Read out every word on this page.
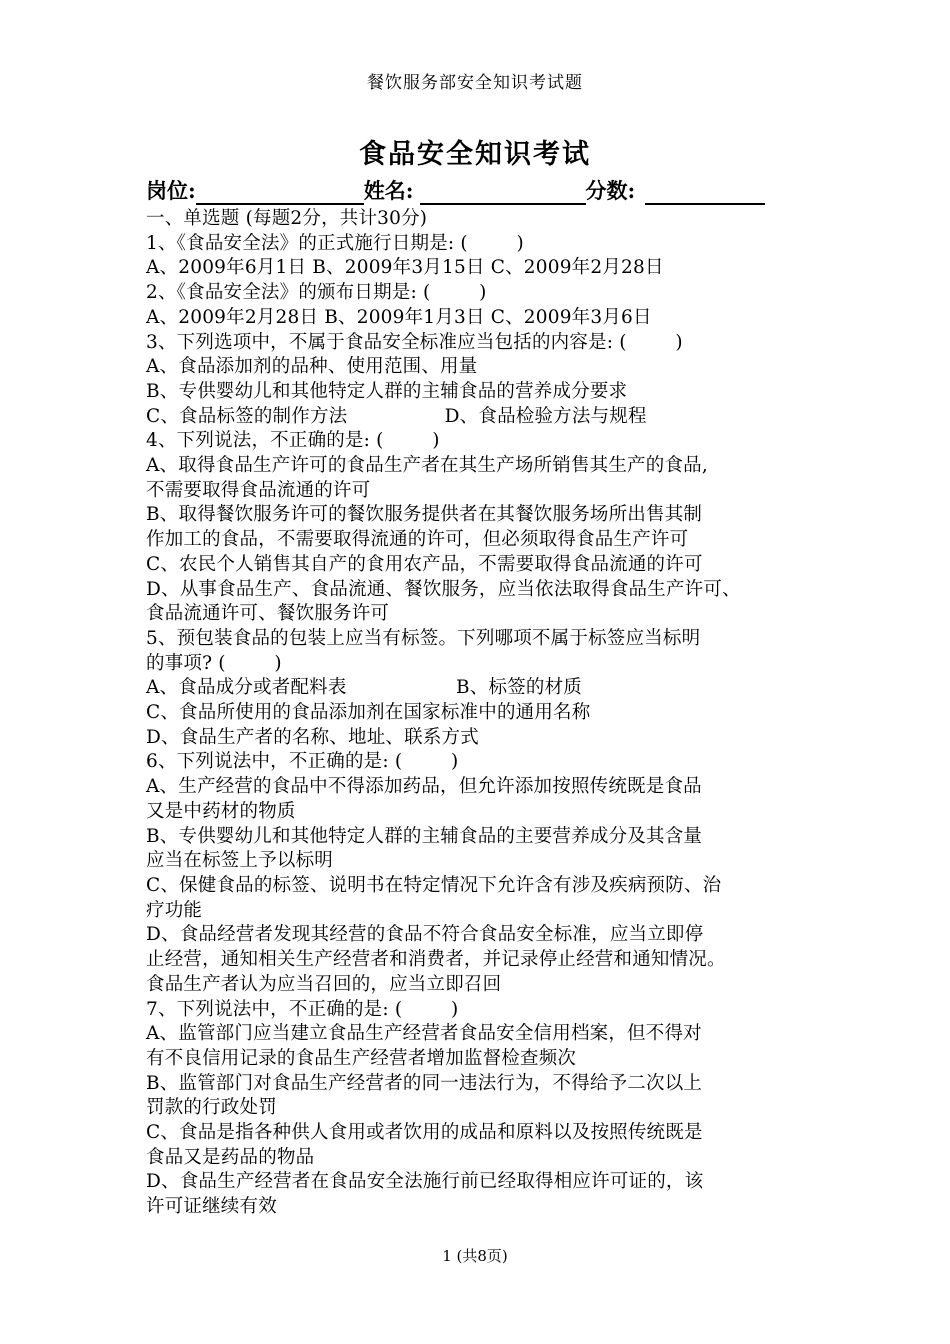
餐饮服务部安全知识考试题
食品安全知识考试
岗位:	姓名:	分数:
一、单选题 (每题2分，共计30分)
1、《食品安全法》的正式施行日期是: (        )
A、2009年6月1日 B、2009年3月15日 C、2009年2月28日
2、《食品安全法》的颁布日期是: (        )
A、2009年2月28日 B、2009年1月3日 C、2009年3月6日
3、下列选项中，不属于食品安全标准应当包括的内容是: (        )
A、食品添加剂的品种、使用范围、用量
B、专供婴幼儿和其他特定人群的主辅食品的营养成分要求
C、食品标签的制作方法                D、食品检验方法与规程
4、下列说法，不正确的是: (        )
A、取得食品生产许可的食品生产者在其生产场所销售其生产的食品,
不需要取得食品流通的许可
B、取得餐饮服务许可的餐饮服务提供者在其餐饮服务场所出售其制
作加工的食品，不需要取得流通的许可，但必须取得食品生产许可
C、农民个人销售其自产的食用农产品，不需要取得食品流通的许可
D、从事食品生产、食品流通、餐饮服务，应当依法取得食品生产许可、
食品流通许可、餐饮服务许可
5、预包装食品的包装上应当有标签。下列哪项不属于标签应当标明
的事项? (        )
A、食品成分或者配料表                  B、标签的材质
C、食品所使用的食品添加剂在国家标准中的通用名称
D、食品生产者的名称、地址、联系方式
6、下列说法中，不正确的是: (        )
A、生产经营的食品中不得添加药品，但允许添加按照传统既是食品
又是中药材的物质
B、专供婴幼儿和其他特定人群的主辅食品的主要营养成分及其含量
应当在标签上予以标明
C、保健食品的标签、说明书在特定情况下允许含有涉及疾病预防、治
疗功能
D、食品经营者发现其经营的食品不符合食品安全标准，应当立即停
止经营，通知相关生产经营者和消费者，并记录停止经营和通知情况。
食品生产者认为应当召回的，应当立即召回
7、下列说法中，不正确的是: (        )
A、监管部门应当建立食品生产经营者食品安全信用档案，但不得对
有不良信用记录的食品生产经营者增加监督检查频次
B、监管部门对食品生产经营者的同一违法行为，不得给予二次以上
罚款的行政处罚
C、食品是指各种供人食用或者饮用的成品和原料以及按照传统既是
食品又是药品的物品
D、食品生产经营者在食品安全法施行前已经取得相应许可证的，该
许可证继续有效
1 (共8页)
